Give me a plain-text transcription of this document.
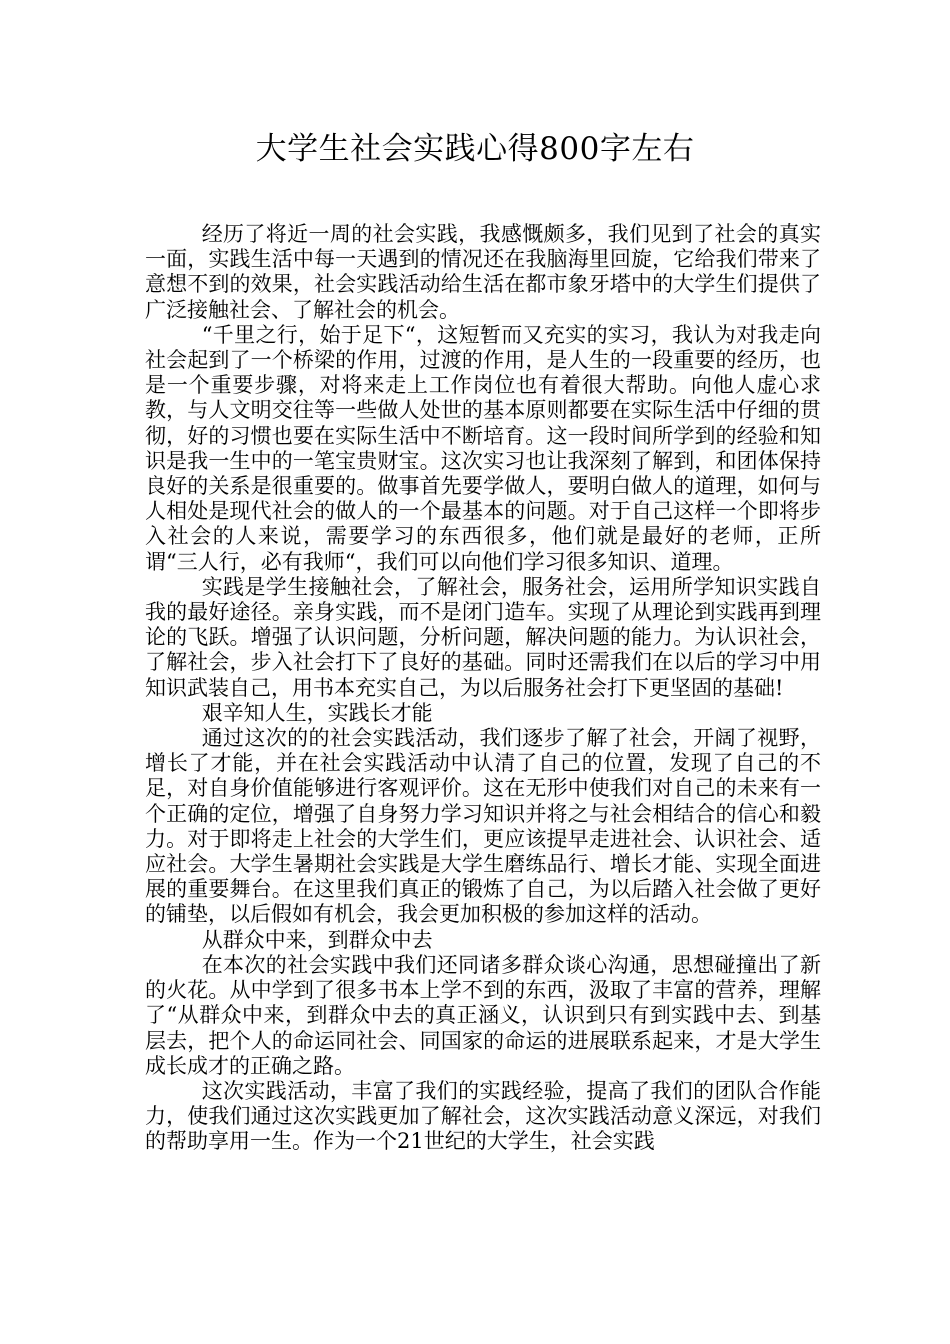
大学生社会实践心得800字左右

经历了将近一周的社会实践，我感慨颇多，我们见到了社会的真实一面，实践生活中每一天遇到的情况还在我脑海里回旋，它给我们带来了意想不到的效果，社会实践活动给生活在都市象牙塔中的大学生们提供了广泛接触社会、了解社会的机会。

“千里之行，始于足下“，这短暂而又充实的实习，我认为对我走向社会起到了一个桥梁的作用，过渡的作用，是人生的一段重要的经历，也是一个重要步骤，对将来走上工作岗位也有着很大帮助。向他人虚心求教，与人文明交往等一些做人处世的基本原则都要在实际生活中仔细的贯彻，好的习惯也要在实际生活中不断培育。这一段时间所学到的经验和知识是我一生中的一笔宝贵财宝。这次实习也让我深刻了解到，和团体保持良好的关系是很重要的。做事首先要学做人，要明白做人的道理，如何与人相处是现代社会的做人的一个最基本的问题。对于自己这样一个即将步入社会的人来说，需要学习的东西很多，他们就是最好的老师，正所谓“三人行，必有我师“，我们可以向他们学习很多知识、道理。

实践是学生接触社会，了解社会，服务社会，运用所学知识实践自我的最好途径。亲身实践，而不是闭门造车。实现了从理论到实践再到理论的飞跃。增强了认识问题，分析问题，解决问题的能力。为认识社会，了解社会，步入社会打下了良好的基础。同时还需我们在以后的学习中用知识武装自己，用书本充实自己，为以后服务社会打下更坚固的基础!

艰辛知人生，实践长才能

通过这次的的社会实践活动，我们逐步了解了社会，开阔了视野，增长了才能，并在社会实践活动中认清了自己的位置，发现了自己的不足，对自身价值能够进行客观评价。这在无形中使我们对自己的未来有一个正确的定位，增强了自身努力学习知识并将之与社会相结合的信心和毅力。对于即将走上社会的大学生们，更应该提早走进社会、认识社会、适应社会。大学生暑期社会实践是大学生磨练品行、增长才能、实现全面进展的重要舞台。在这里我们真正的锻炼了自己，为以后踏入社会做了更好的铺垫，以后假如有机会，我会更加积极的参加这样的活动。

从群众中来，到群众中去

在本次的社会实践中我们还同诸多群众谈心沟通，思想碰撞出了新的火花。从中学到了很多书本上学不到的东西，汲取了丰富的营养，理解了“从群众中来，到群众中去的真正涵义，认识到只有到实践中去、到基层去，把个人的命运同社会、同国家的命运的进展联系起来，才是大学生成长成才的正确之路。

这次实践活动，丰富了我们的实践经验，提高了我们的团队合作能力，使我们通过这次实践更加了解社会，这次实践活动意义深远，对我们的帮助享用一生。作为一个21世纪的大学生，社会实践
